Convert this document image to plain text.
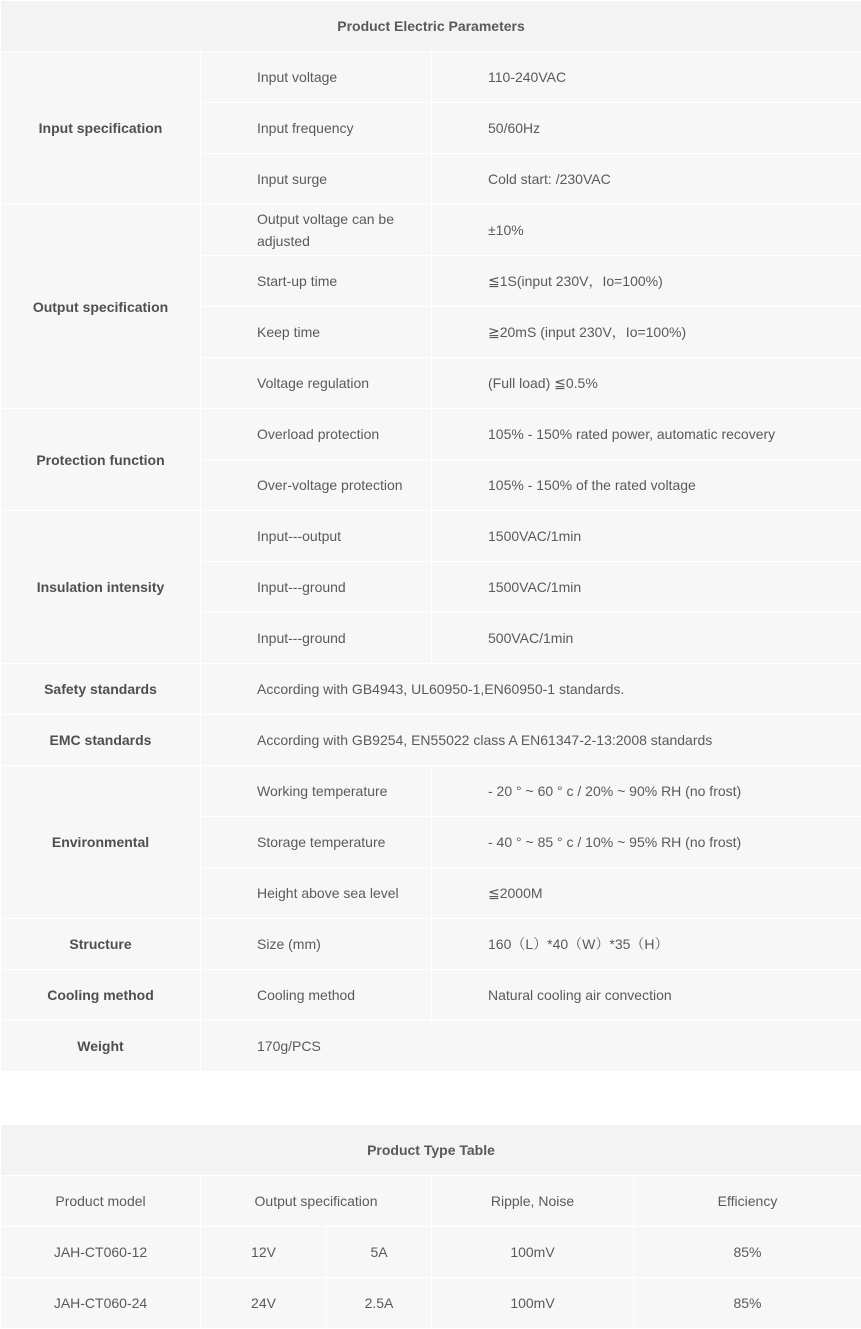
Product Electric Parameters		
Input specification	Input voltage	110-240VAC
	Input frequency	50/60Hz
	Input surge	Cold start: /230VAC
Output specification	Output voltage can be adjusted	±10%
	Start-up time	≦1S(input 230V，Io=100%)
	Keep time	≧20mS (input 230V，Io=100%)
	Voltage regulation	(Full load) ≦0.5%
Protection function	Overload protection	105% - 150% rated power, automatic recovery
	Over-voltage protection	105% - 150% of the rated voltage
Insulation intensity	Input---output	1500VAC/1min
	Input---ground	1500VAC/1min
	Input---ground	500VAC/1min
Safety standards	According with GB4943, UL60950-1,EN60950-1 standards.	
EMC standards	According with GB9254, EN55022 class A EN61347-2-13:2008 standards	
Environmental	Working temperature	- 20 ° ~ 60 ° c / 20% ~ 90% RH (no frost)
	Storage temperature	- 40 ° ~ 85 ° c / 10% ~ 95% RH (no frost)
	Height above sea level	≦2000M
Structure	Size (mm)	160（L）*40（W）*35（H）
Cooling method	Cooling method	Natural cooling air convection
Weight	170g/PCS	
Product Type Table				
Product model	Output specification		Ripple, Noise	Efficiency
JAH-CT060-12	12V	5A	100mV	85%
JAH-CT060-24	24V	2.5A	100mV	85%
